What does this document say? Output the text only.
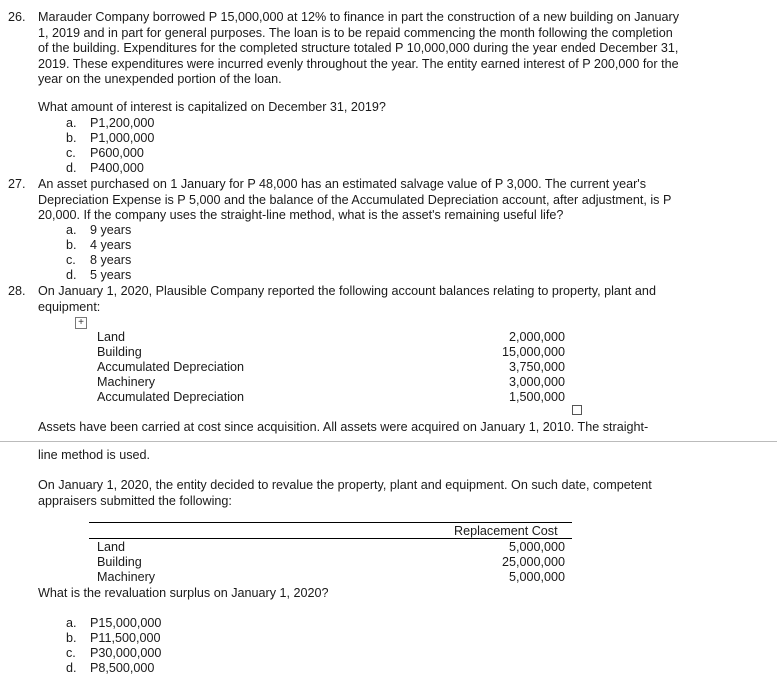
26. Marauder Company borrowed P 15,000,000 at 12% to finance in part the construction of a new building on January 1, 2019 and in part for general purposes. The loan is to be repaid commencing the month following the completion of the building. Expenditures for the completed structure totaled P 10,000,000 during the year ended December 31, 2019. These expenditures were incurred evenly throughout the year. The entity earned interest of P 200,000 for the year on the unexpended portion of the loan.
What amount of interest is capitalized on December 31, 2019?
a. P1,200,000
b. P1,000,000
c. P600,000
d. P400,000
27. An asset purchased on 1 January for P 48,000 has an estimated salvage value of P 3,000. The current year's Depreciation Expense is P 5,000 and the balance of the Accumulated Depreciation account, after adjustment, is P 20,000. If the company uses the straight-line method, what is the asset's remaining useful life?
a. 9 years
b. 4 years
c. 8 years
d. 5 years
28. On January 1, 2020, Plausible Company reported the following account balances relating to property, plant and equipment:
+
Land	2,000,000
Building	15,000,000
Accumulated Depreciation	3,750,000
Machinery	3,000,000
Accumulated Depreciation	1,500,000
Assets have been carried at cost since acquisition. All assets were acquired on January 1, 2010. The straight-
line method is used.
On January 1, 2020, the entity decided to revalue the property, plant and equipment. On such date, competent appraisers submitted the following:
Replacement Cost
Land	5,000,000
Building	25,000,000
Machinery	5,000,000
What is the revaluation surplus on January 1, 2020?
a. P15,000,000
b. P11,500,000
c. P30,000,000
d. P8,500,000
